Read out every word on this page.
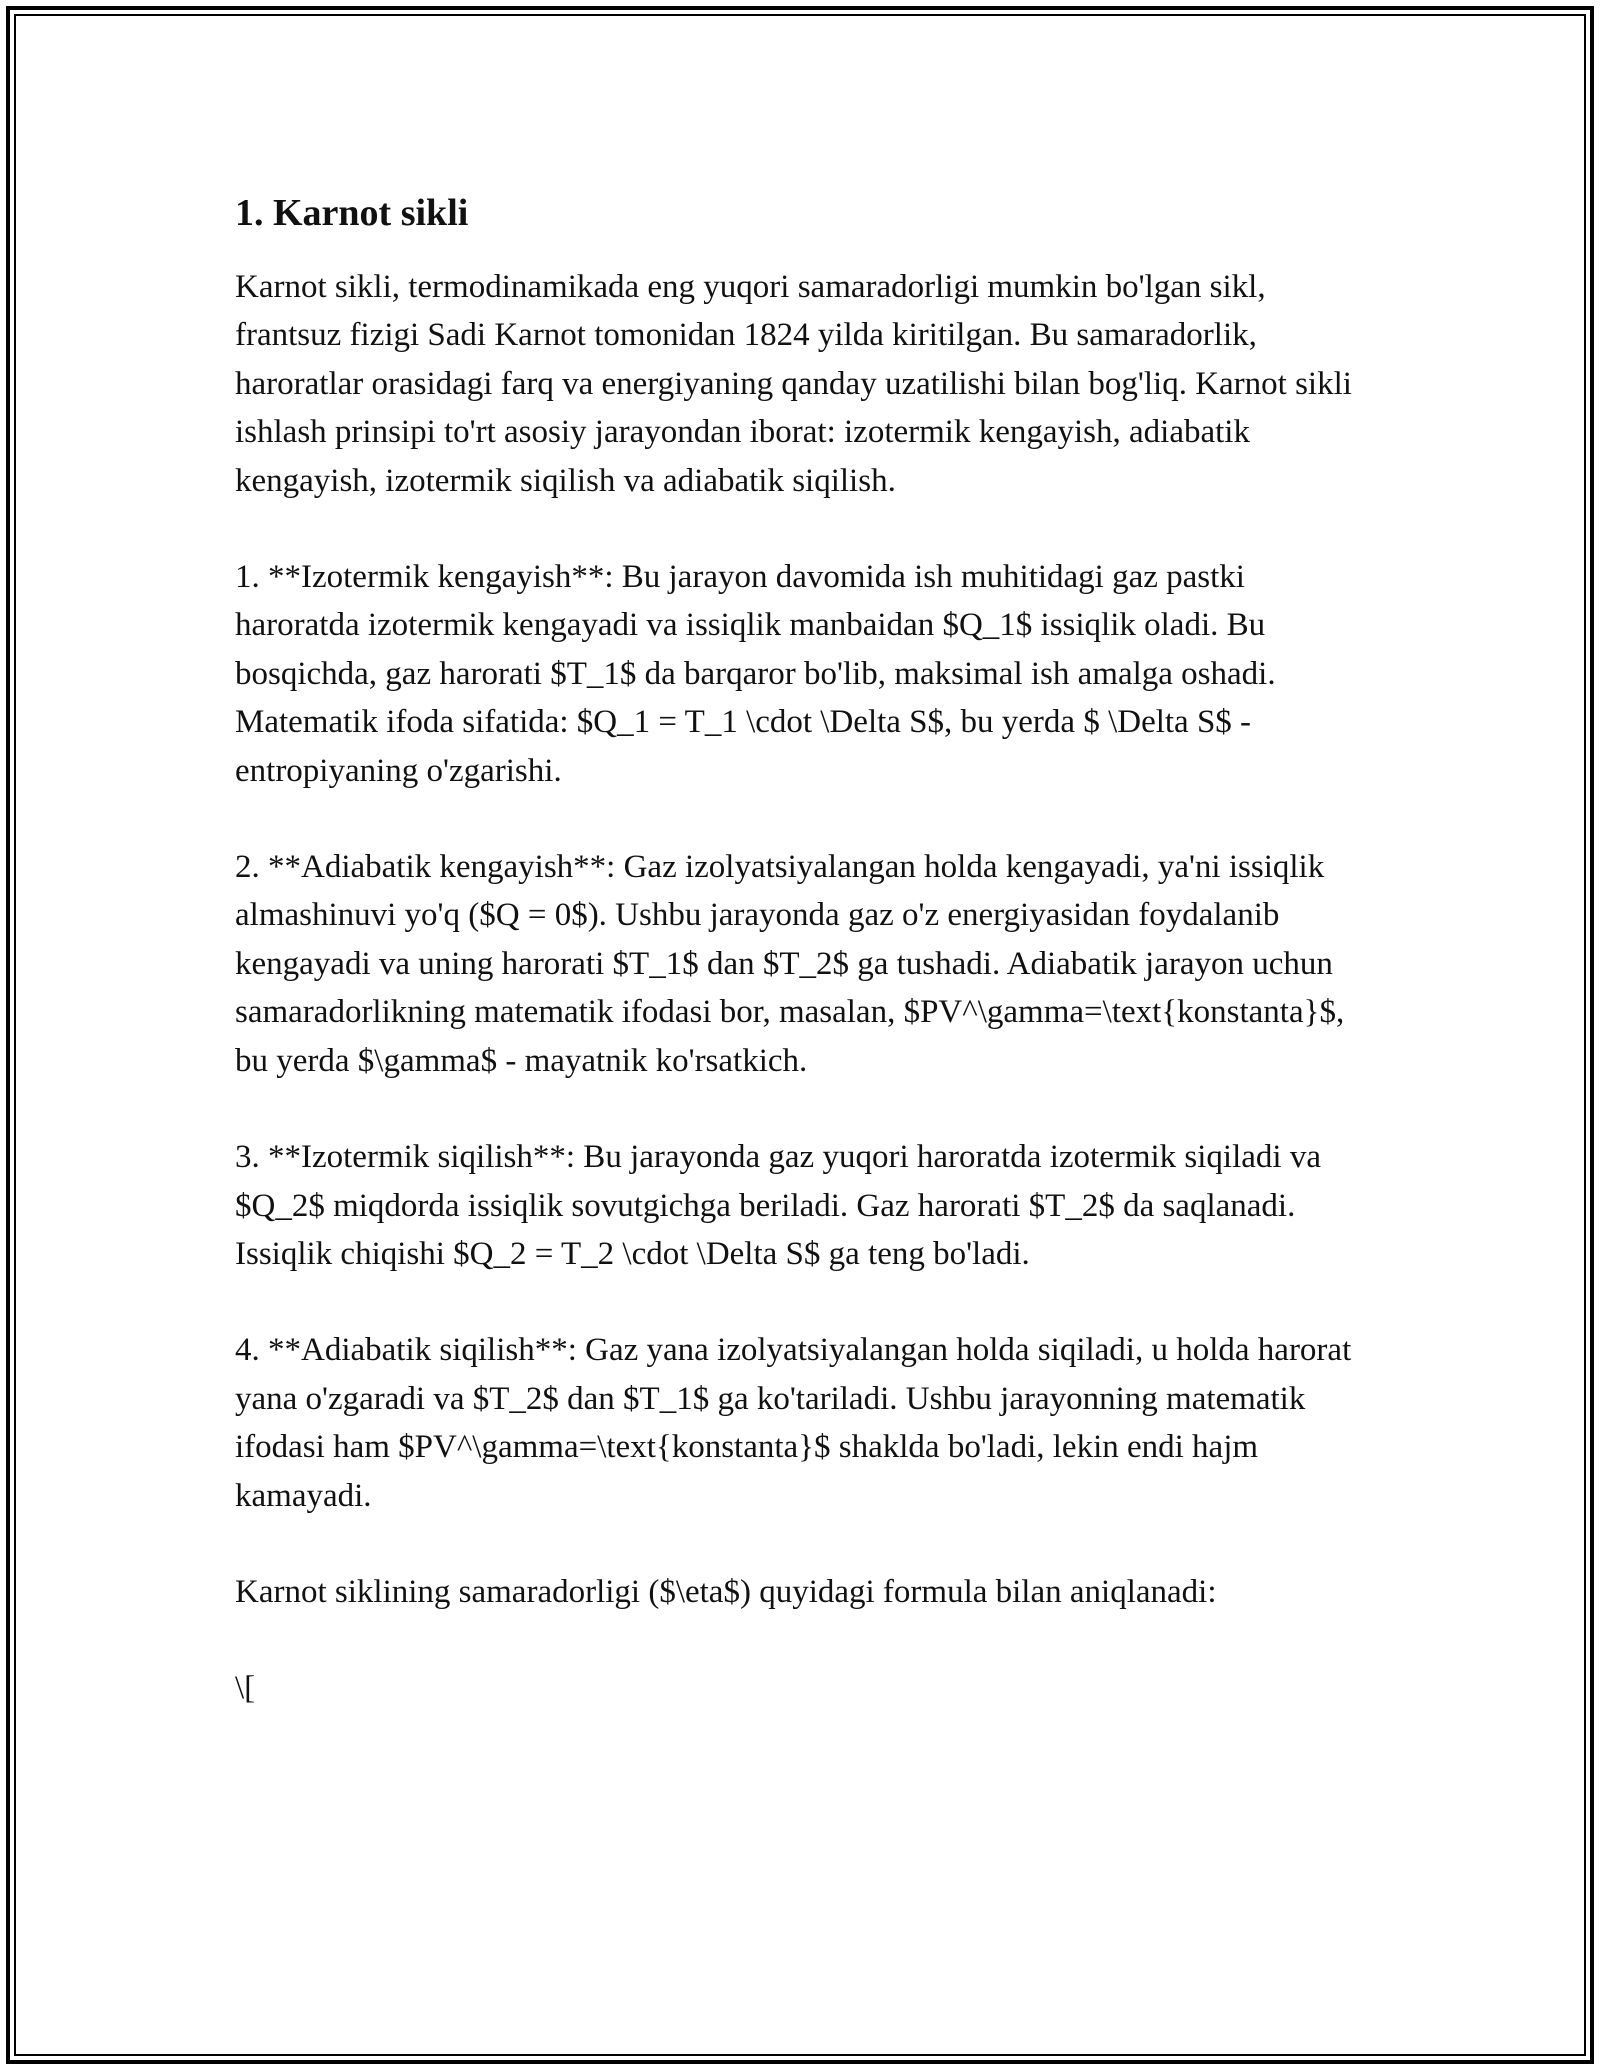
1. Karnot sikli

Karnot sikli, termodinamikada eng yuqori samaradorligi mumkin bo'lgan sikl, frantsuz fizigi Sadi Karnot tomonidan 1824 yilda kiritilgan. Bu samaradorlik, haroratlar orasidagi farq va energiyaning qanday uzatilishi bilan bog'liq. Karnot sikli ishlash prinsipi to'rt asosiy jarayondan iborat: izotermik kengayish, adiabatik kengayish, izotermik siqilish va adiabatik siqilish.

1. **Izotermik kengayish**: Bu jarayon davomida ish muhitidagi gaz pastki haroratda izotermik kengayadi va issiqlik manbaidan $Q_1$ issiqlik oladi. Bu bosqichda, gaz harorati $T_1$ da barqaror bo'lib, maksimal ish amalga oshadi. Matematik ifoda sifatida: $Q_1 = T_1 \cdot \Delta S$, bu yerda $ \Delta S$ - entropiyaning o'zgarishi.

2. **Adiabatik kengayish**: Gaz izolyatsiyalangan holda kengayadi, ya'ni issiqlik almashinuvi yo'q ($Q = 0$). Ushbu jarayonda gaz o'z energiyasidan foydalanib kengayadi va uning harorati $T_1$ dan $T_2$ ga tushadi. Adiabatik jarayon uchun samaradorlikning matematik ifodasi bor, masalan, $PV^\gamma=\text{konstanta}$, bu yerda $\gamma$ - mayatnik ko'rsatkich.

3. **Izotermik siqilish**: Bu jarayonda gaz yuqori haroratda izotermik siqiladi va $Q_2$ miqdorda issiqlik sovutgichga beriladi. Gaz harorati $T_2$ da saqlanadi. Issiqlik chiqishi $Q_2 = T_2 \cdot \Delta S$ ga teng bo'ladi.

4. **Adiabatik siqilish**: Gaz yana izolyatsiyalangan holda siqiladi, u holda harorat yana o'zgaradi va $T_2$ dan $T_1$ ga ko'tariladi. Ushbu jarayonning matematik ifodasi ham $PV^\gamma=\text{konstanta}$ shaklda bo'ladi, lekin endi hajm kamayadi.

Karnot siklining samaradorligi ($\eta$) quyidagi formula bilan aniqlanadi:

\[
